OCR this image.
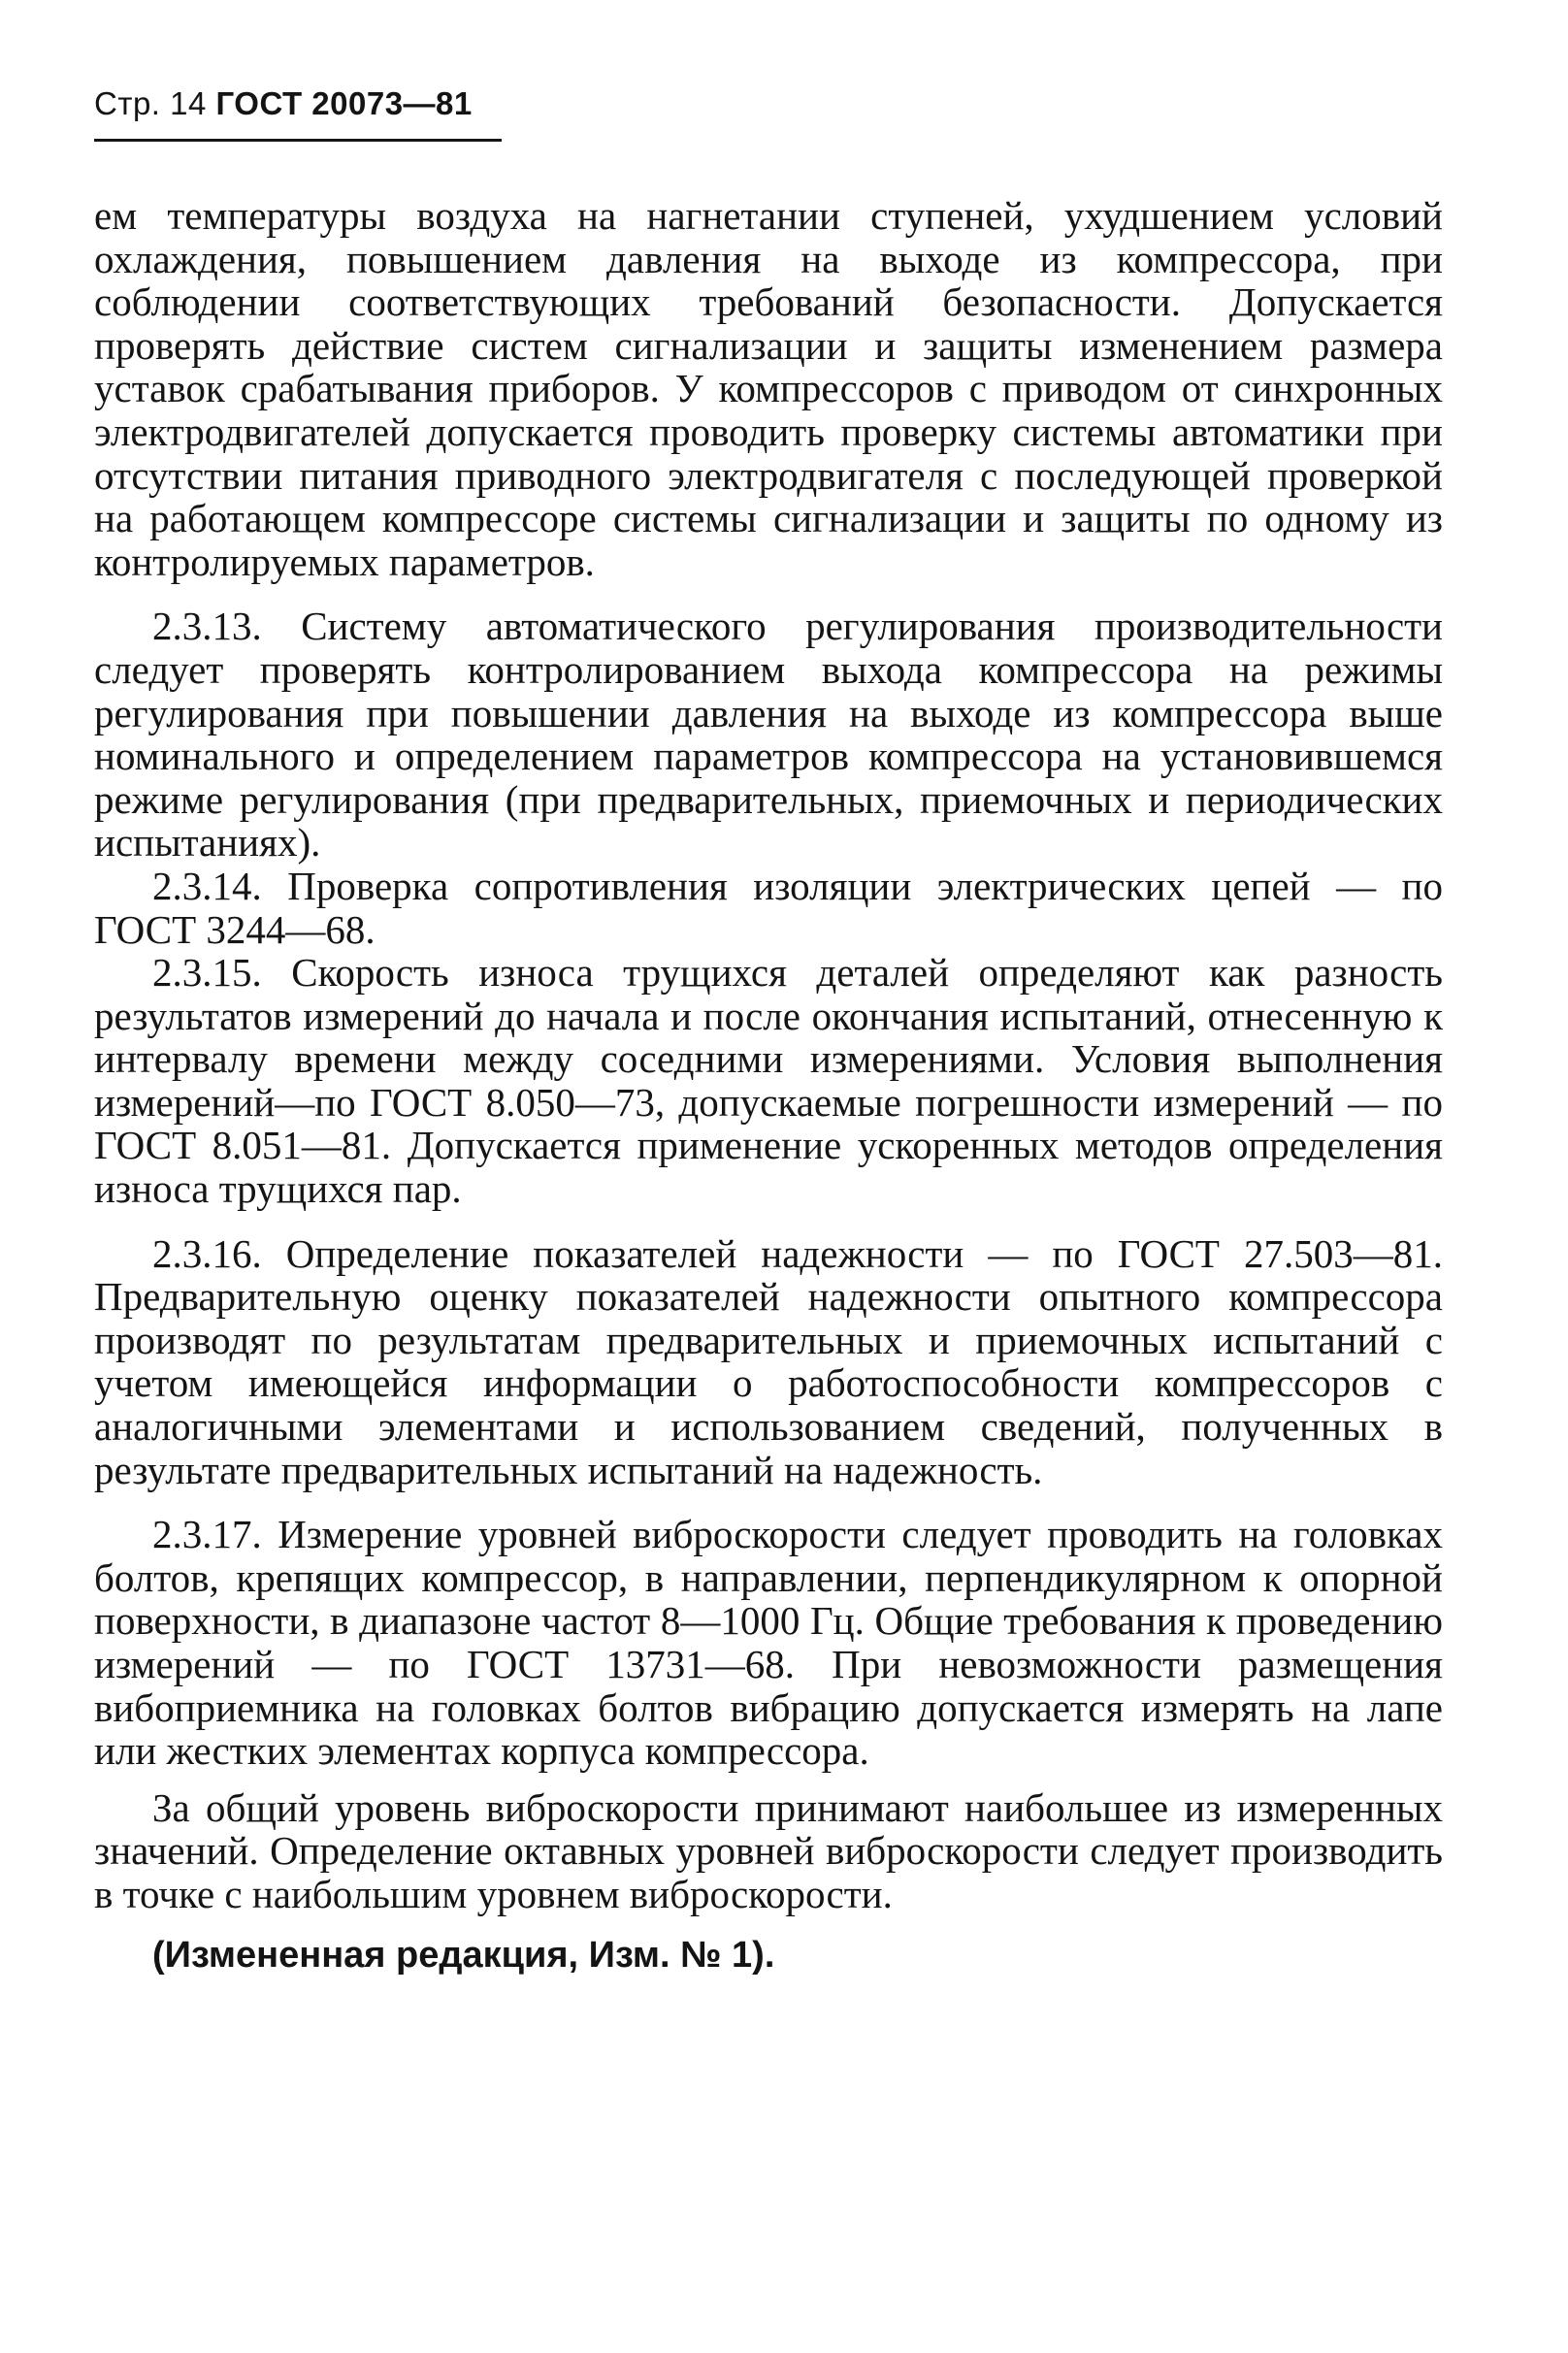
Стр. 14 ГОСТ 20073—81

ем температуры воздуха на нагнетании ступеней, ухудшением условий охлаждения, повышением давления на выходе из компрессора, при соблюдении соответствующих требований безопасности. Допускается проверять действие систем сигнализации и защиты изменением размера уставок срабатывания приборов. У компрессоров с приводом от синхронных электродвигателей допускается проводить проверку системы автоматики при отсутствии питания приводного электродвигателя с последующей проверкой на работающем компрессоре системы сигнализации и защиты по одному из контролируемых параметров.

2.3.13. Систему автоматического регулирования производительности следует проверять контролированием выхода компрессора на режимы регулирования при повышении давления на выходе из компрессора выше номинального и определением параметров компрессора на установившемся режиме регулирования (при предварительных, приемочных и периодических испытаниях).

2.3.14. Проверка сопротивления изоляции электрических цепей — по ГОСТ 3244—68.

2.3.15. Скорость износа трущихся деталей определяют как разность результатов измерений до начала и после окончания испытаний, отнесенную к интервалу времени между соседними измерениями. Условия выполнения измерений—по ГОСТ 8.050—73, допускаемые погрешности измерений — по ГОСТ 8.051—81. Допускается применение ускоренных методов определения износа трущихся пар.

2.3.16. Определение показателей надежности — по ГОСТ 27.503—81. Предварительную оценку показателей надежности опытного компрессора производят по результатам предварительных и приемочных испытаний с учетом имеющейся информации о работоспособности компрессоров с аналогичными элементами и использованием сведений, полученных в результате предварительных испытаний на надежность.

2.3.17. Измерение уровней виброскорости следует проводить на головках болтов, крепящих компрессор, в направлении, перпендикулярном к опорной поверхности, в диапазоне частот 8—1000 Гц. Общие требования к проведению измерений — по ГОСТ 13731—68. При невозможности размещения вибоприемника на головках болтов вибрацию допускается измерять на лапе или жестких элементах корпуса компрессора.

За общий уровень виброскорости принимают наибольшее из измеренных значений. Определение октавных уровней виброскорости следует производить в точке с наибольшим уровнем виброскорости.

(Измененная редакция, Изм. № 1).
